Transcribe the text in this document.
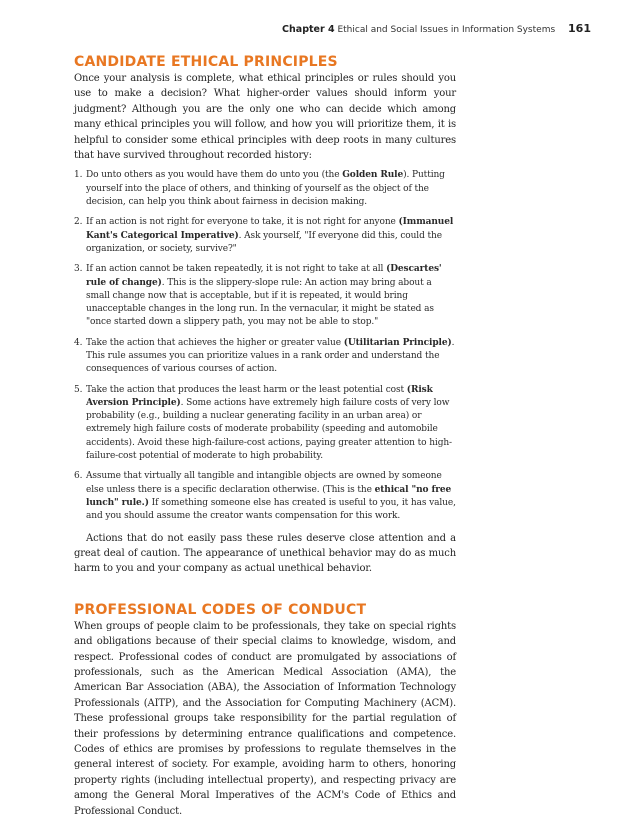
Chapter 4 Ethical and Social Issues in Information Systems 161
CANDIDATE ETHICAL PRINCIPLES

Once your analysis is complete, what ethical principles or rules should you use to make a decision? What higher-order values should inform your judgment? Although you are the only one who can decide which among many ethical principles you will follow, and how you will prioritize them, it is helpful to consider some ethical principles with deep roots in many cultures that have survived throughout recorded history:

1. Do unto others as you would have them do unto you (the Golden Rule). Putting yourself into the place of others, and thinking of yourself as the object of the decision, can help you think about fairness in decision making.
2. If an action is not right for everyone to take, it is not right for anyone (Immanuel Kant's Categorical Imperative). Ask yourself, "If everyone did this, could the organization, or society, survive?"
3. If an action cannot be taken repeatedly, it is not right to take at all (Descartes' rule of change). This is the slippery-slope rule: An action may bring about a small change now that is acceptable, but if it is repeated, it would bring unacceptable changes in the long run. In the vernacular, it might be stated as "once started down a slippery path, you may not be able to stop."
4. Take the action that achieves the higher or greater value (Utilitarian Principle). This rule assumes you can prioritize values in a rank order and understand the consequences of various courses of action.
5. Take the action that produces the least harm or the least potential cost (Risk Aversion Principle). Some actions have extremely high failure costs of very low probability (e.g., building a nuclear generating facility in an urban area) or extremely high failure costs of moderate probability (speeding and automobile accidents). Avoid these high-failure-cost actions, paying greater attention to high-failure-cost potential of moderate to high probability.
6. Assume that virtually all tangible and intangible objects are owned by someone else unless there is a specific declaration otherwise. (This is the ethical "no free lunch" rule.) If something someone else has created is useful to you, it has value, and you should assume the creator wants compensation for this work.

Actions that do not easily pass these rules deserve close attention and a great deal of caution. The appearance of unethical behavior may do as much harm to you and your company as actual unethical behavior.

PROFESSIONAL CODES OF CONDUCT

When groups of people claim to be professionals, they take on special rights and obligations because of their special claims to knowledge, wisdom, and respect. Professional codes of conduct are promulgated by associations of professionals, such as the American Medical Association (AMA), the American Bar Association (ABA), the Association of Information Technology Professionals (AITP), and the Association for Computing Machinery (ACM). These professional groups take responsibility for the partial regulation of their professions by determining entrance qualifications and competence. Codes of ethics are promises by professions to regulate themselves in the general interest of society. For example, avoiding harm to others, honoring property rights (including intellectual property), and respecting privacy are among the General Moral Imperatives of the ACM's Code of Ethics and Professional Conduct.
